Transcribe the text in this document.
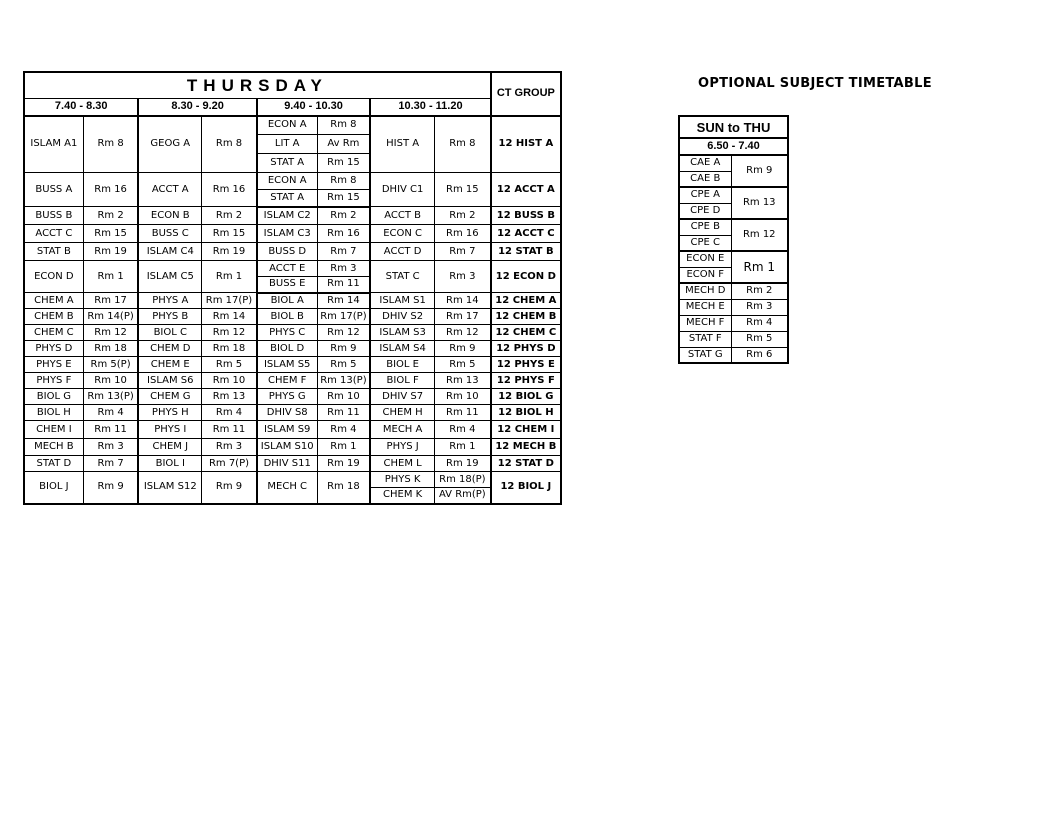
THURSDAY								CT GROUP
7.40 - 8.30		8.30 - 9.20		9.40 - 10.30		10.30 - 11.20		
ISLAM A1	Rm 8	GEOG A	Rm 8	ECON A	Rm 8	HIST A	Rm 8	12 HIST A
				LIT A	Av Rm			
				STAT A	Rm 15			
BUSS A	Rm 16	ACCT A	Rm 16	ECON A	Rm 8	DHIV C1	Rm 15	12 ACCT A
				STAT A	Rm 15			
BUSS B	Rm 2	ECON B	Rm 2	ISLAM C2	Rm 2	ACCT B	Rm 2	12 BUSS B
ACCT C	Rm 15	BUSS C	Rm 15	ISLAM C3	Rm 16	ECON C	Rm 16	12 ACCT C
STAT B	Rm 19	ISLAM C4	Rm 19	BUSS D	Rm 7	ACCT D	Rm 7	12 STAT B
ECON D	Rm 1	ISLAM C5	Rm 1	ACCT E	Rm 3	STAT C	Rm 3	12 ECON D
				BUSS E	Rm 11			
CHEM A	Rm 17	PHYS A	Rm 17(P)	BIOL A	Rm 14	ISLAM S1	Rm 14	12 CHEM A
CHEM B	Rm 14(P)	PHYS B	Rm 14	BIOL B	Rm 17(P)	DHIV S2	Rm 17	12 CHEM B
CHEM C	Rm 12	BIOL C	Rm 12	PHYS C	Rm 12	ISLAM S3	Rm 12	12 CHEM C
PHYS D	Rm 18	CHEM D	Rm 18	BIOL D	Rm 9	ISLAM S4	Rm 9	12 PHYS D
PHYS E	Rm 5(P)	CHEM E	Rm 5	ISLAM S5	Rm 5	BIOL E	Rm 5	12 PHYS E
PHYS F	Rm 10	ISLAM S6	Rm 10	CHEM F	Rm 13(P)	BIOL F	Rm 13	12 PHYS F
BIOL G	Rm 13(P)	CHEM G	Rm 13	PHYS G	Rm 10	DHIV S7	Rm 10	12 BIOL G
BIOL H	Rm 4	PHYS H	Rm 4	DHIV S8	Rm 11	CHEM H	Rm 11	12 BIOL H
CHEM I	Rm 11	PHYS I	Rm 11	ISLAM S9	Rm 4	MECH A	Rm 4	12 CHEM I
MECH B	Rm 3	CHEM J	Rm 3	ISLAM S10	Rm 1	PHYS J	Rm 1	12 MECH B
STAT D	Rm 7	BIOL I	Rm 7(P)	DHIV S11	Rm 19	CHEM L	Rm 19	12 STAT D
BIOL J	Rm 9	ISLAM S12	Rm 9	MECH C	Rm 18	PHYS K	Rm 18(P)	12 BIOL J
						CHEM K	AV Rm(P)	
OPTIONAL SUBJECT TIMETABLE
SUN to THU	
6.50 - 7.40	
CAE A	Rm 9
CAE B	
CPE A	Rm 13
CPE D	
CPE B	Rm 12
CPE C	
ECON E	Rm 1
ECON F	
MECH D	Rm 2
MECH E	Rm 3
MECH F	Rm 4
STAT F	Rm 5
STAT G	Rm 6
